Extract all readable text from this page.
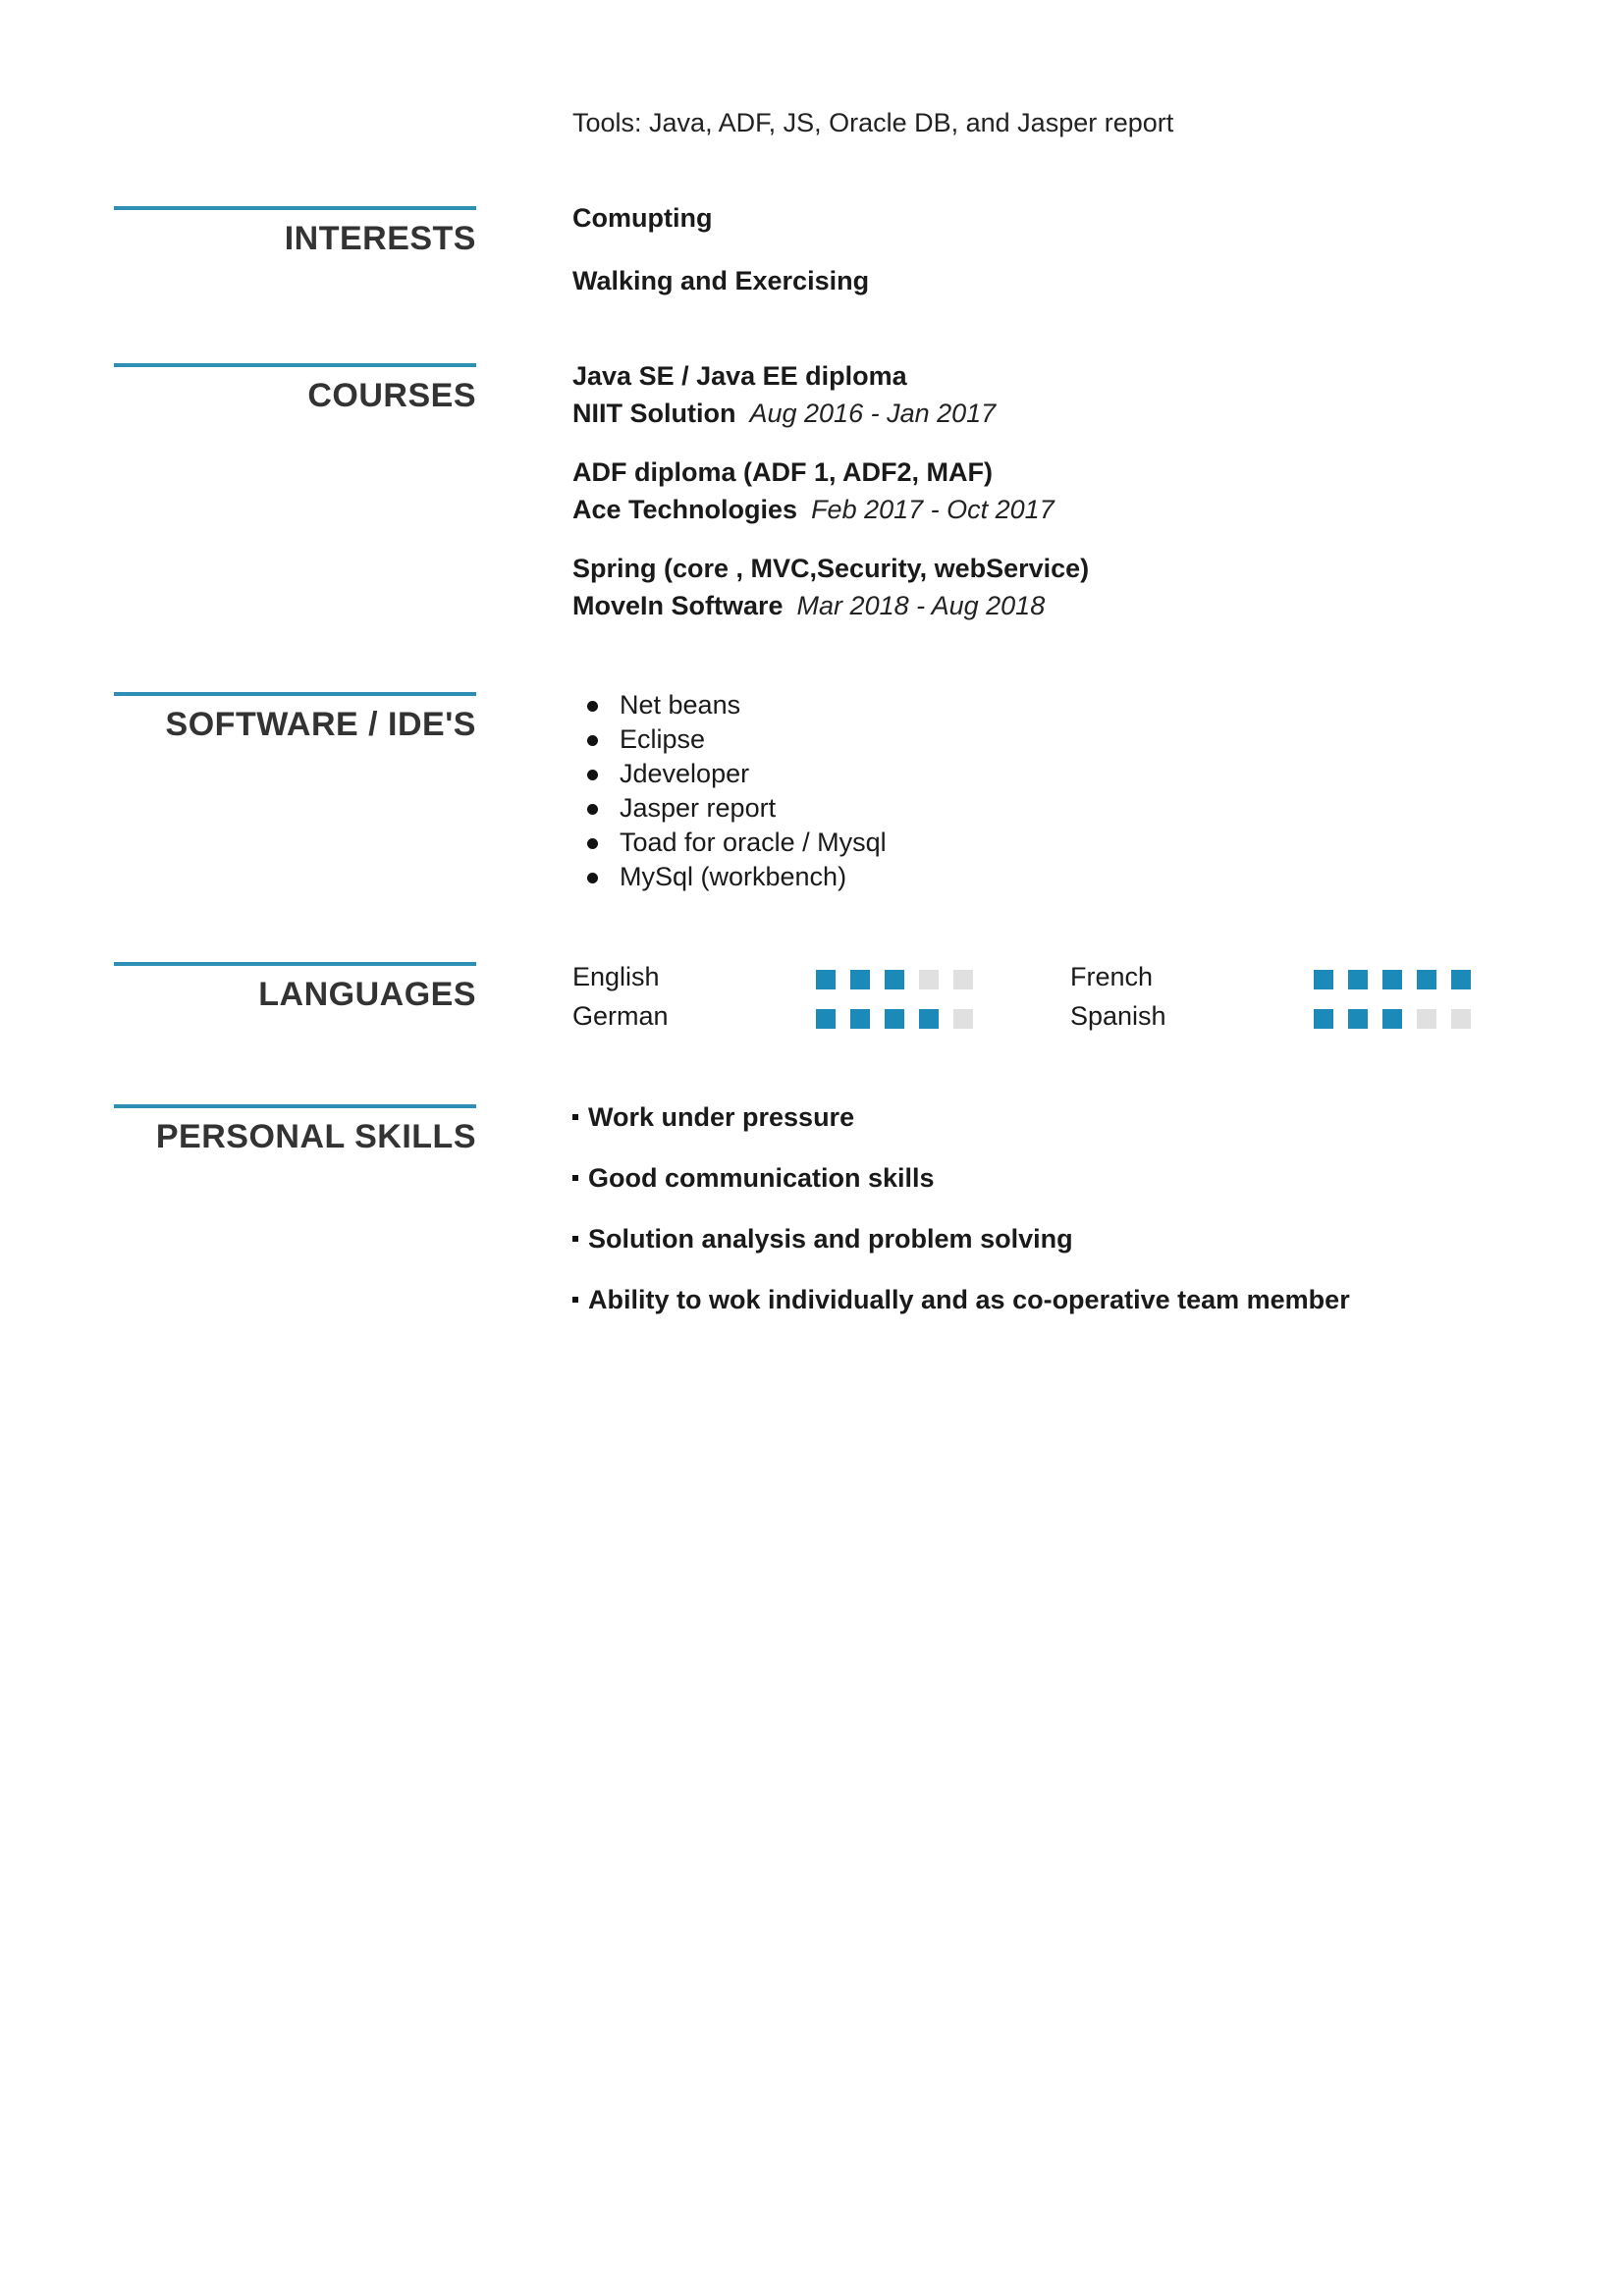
Tools: Java, ADF, JS, Oracle DB, and Jasper report
INTERESTS
Comupting
Walking and Exercising
COURSES
Java SE / Java EE diploma
NIIT Solution Aug 2016 - Jan 2017
ADF diploma (ADF 1, ADF2, MAF)
Ace Technologies Feb 2017 - Oct 2017
Spring (core , MVC,Security, webService)
MoveIn Software Mar 2018 - Aug 2018
SOFTWARE / IDE'S
Net beans
Eclipse
Jdeveloper
Jasper report
Toad for oracle / Mysql
MySql (workbench)
LANGUAGES	English	French
German	Spanish
PERSONAL SKILLS
Work under pressure
Good communication skills
Solution analysis and problem solving
Ability to wok individually and as co-operative team member
